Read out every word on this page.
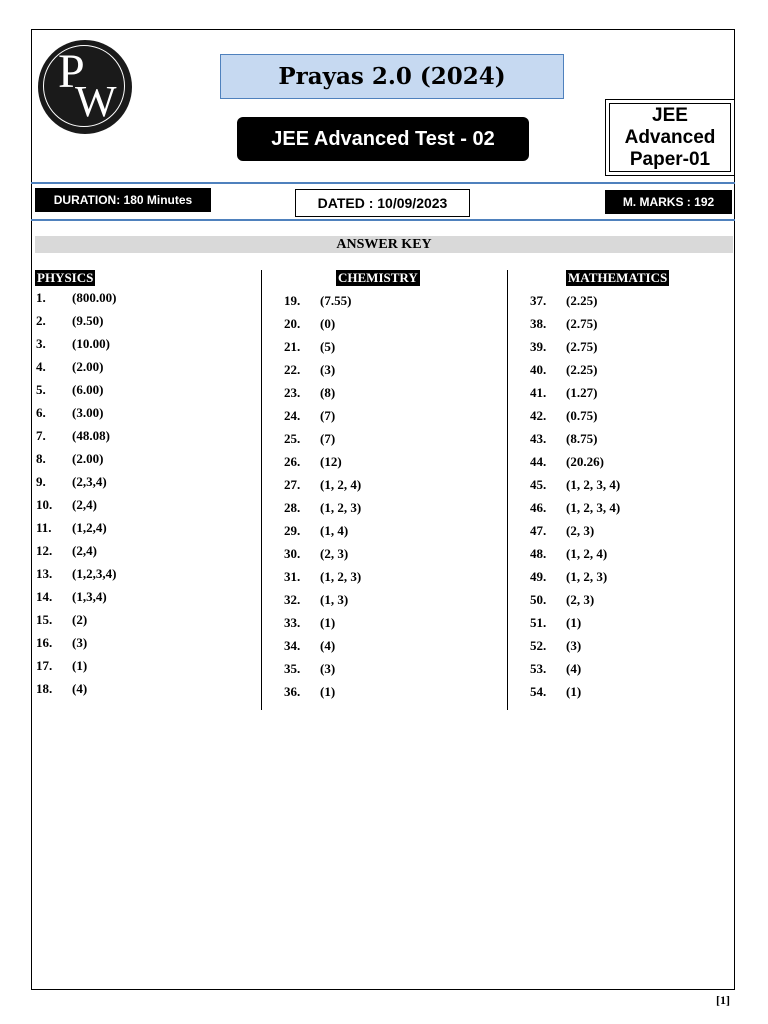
P
W
Prayas 2.0 (2024)
JEE Advanced Test - 02
JEE
Advanced
Paper-01
DURATION: 180 Minutes	DATED : 10/09/2023	M. MARKS : 192
ANSWER KEY
PHYSICS	CHEMISTRY	MATHEMATICS
1. (800.00)
2. (9.50)
3. (10.00)
4. (2.00)
5. (6.00)
6. (3.00)
7. (48.08)
8. (2.00)
9. (2,3,4)
10. (2,4)
11. (1,2,4)
12. (2,4)
13. (1,2,3,4)
14. (1,3,4)
15. (2)
16. (3)
17. (1)
18. (4)
19. (7.55)
20. (0)
21. (5)
22. (3)
23. (8)
24. (7)
25. (7)
26. (12)
27. (1, 2, 4)
28. (1, 2, 3)
29. (1, 4)
30. (2, 3)
31. (1, 2, 3)
32. (1, 3)
33. (1)
34. (4)
35. (3)
36. (1)
37. (2.25)
38. (2.75)
39. (2.75)
40. (2.25)
41. (1.27)
42. (0.75)
43. (8.75)
44. (20.26)
45. (1, 2, 3, 4)
46. (1, 2, 3, 4)
47. (2, 3)
48. (1, 2, 4)
49. (1, 2, 3)
50. (2, 3)
51. (1)
52. (3)
53. (4)
54. (1)
[1]
